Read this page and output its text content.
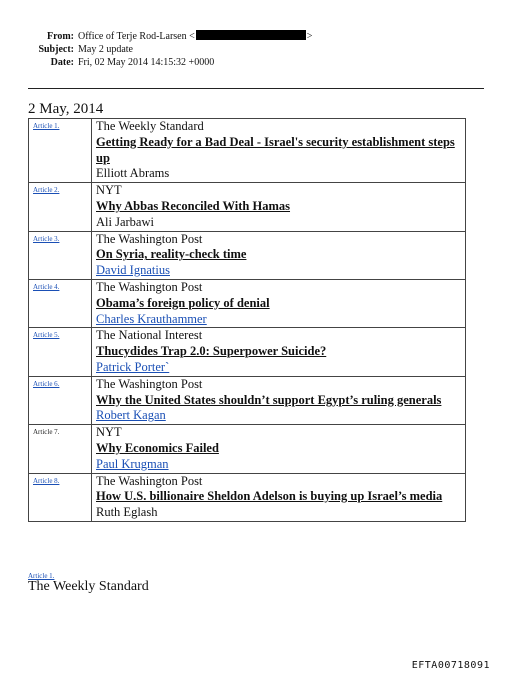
From: Office of Terje Rod-Larsen <	>
Subject: May 2 update
Date: Fri, 02 May 2014 14:15:32 +0000
2 May, 2014
Article 1.	The Weekly Standard
Getting Ready for a Bad Deal - Israel's security establishment steps up
Elliott Abrams

Article 2.	NYT
Why Abbas Reconciled With Hamas
Ali Jarbawi

Article 3.	The Washington Post
On Syria, reality-check time
David Ignatius

Article 4.	The Washington Post
Obama’s foreign policy of denial
Charles Krauthammer

Article 5.	The National Interest
Thucydides Trap 2.0: Superpower Suicide?
Patrick Porter`

Article 6.	The Washington Post
Why the United States shouldn’t support Egypt’s ruling generals
Robert Kagan

Article 7.	NYT
Why Economics Failed
Paul Krugman

Article 8.	The Washington Post
How U.S. billionaire Sheldon Adelson is buying up Israel’s media
Ruth Eglash
Article 1.
The Weekly Standard
EFTA00718091
